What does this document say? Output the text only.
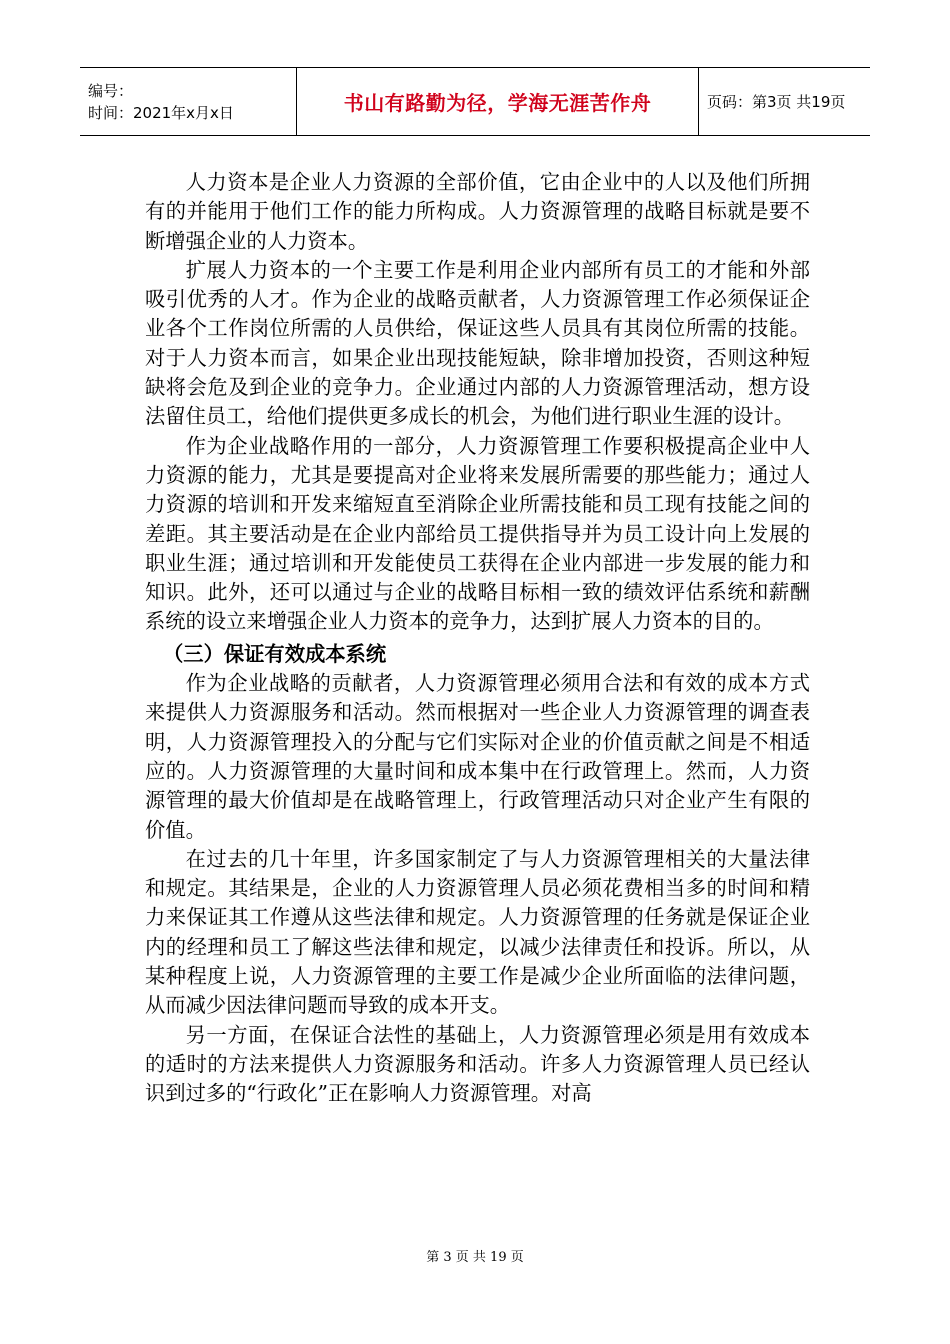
编号：
时间：2021年x月x日	书山有路勤为径，学海无涯苦作舟	页码：第3页 共19页

人力资本是企业人力资源的全部价值，它由企业中的人以及他们所拥有的并能用于他们工作的能力所构成。人力资源管理的战略目标就是要不断增强企业的人力资本。

扩展人力资本的一个主要工作是利用企业内部所有员工的才能和外部吸引优秀的人才。作为企业的战略贡献者，人力资源管理工作必须保证企业各个工作岗位所需的人员供给，保证这些人员具有其岗位所需的技能。对于人力资本而言，如果企业出现技能短缺，除非增加投资，否则这种短缺将会危及到企业的竞争力。企业通过内部的人力资源管理活动，想方设法留住员工，给他们提供更多成长的机会，为他们进行职业生涯的设计。

作为企业战略作用的一部分，人力资源管理工作要积极提高企业中人力资源的能力，尤其是要提高对企业将来发展所需要的那些能力；通过人力资源的培训和开发来缩短直至消除企业所需技能和员工现有技能之间的差距。其主要活动是在企业内部给员工提供指导并为员工设计向上发展的职业生涯；通过培训和开发能使员工获得在企业内部进一步发展的能力和知识。此外，还可以通过与企业的战略目标相一致的绩效评估系统和薪酬系统的设立来增强企业人力资本的竞争力，达到扩展人力资本的目的。

（三）保证有效成本系统

作为企业战略的贡献者，人力资源管理必须用合法和有效的成本方式来提供人力资源服务和活动。然而根据对一些企业人力资源管理的调查表明，人力资源管理投入的分配与它们实际对企业的价值贡献之间是不相适应的。人力资源管理的大量时间和成本集中在行政管理上。然而，人力资源管理的最大价值却是在战略管理上，行政管理活动只对企业产生有限的价值。

在过去的几十年里，许多国家制定了与人力资源管理相关的大量法律和规定。其结果是，企业的人力资源管理人员必须花费相当多的时间和精力来保证其工作遵从这些法律和规定。人力资源管理的任务就是保证企业内的经理和员工了解这些法律和规定，以减少法律责任和投诉。所以，从某种程度上说，人力资源管理的主要工作是减少企业所面临的法律问题，从而减少因法律问题而导致的成本开支。

另一方面，在保证合法性的基础上，人力资源管理必须是用有效成本的适时的方法来提供人力资源服务和活动。许多人力资源管理人员已经认识到过多的“行政化”正在影响人力资源管理。对高

第 3 页 共 19 页
